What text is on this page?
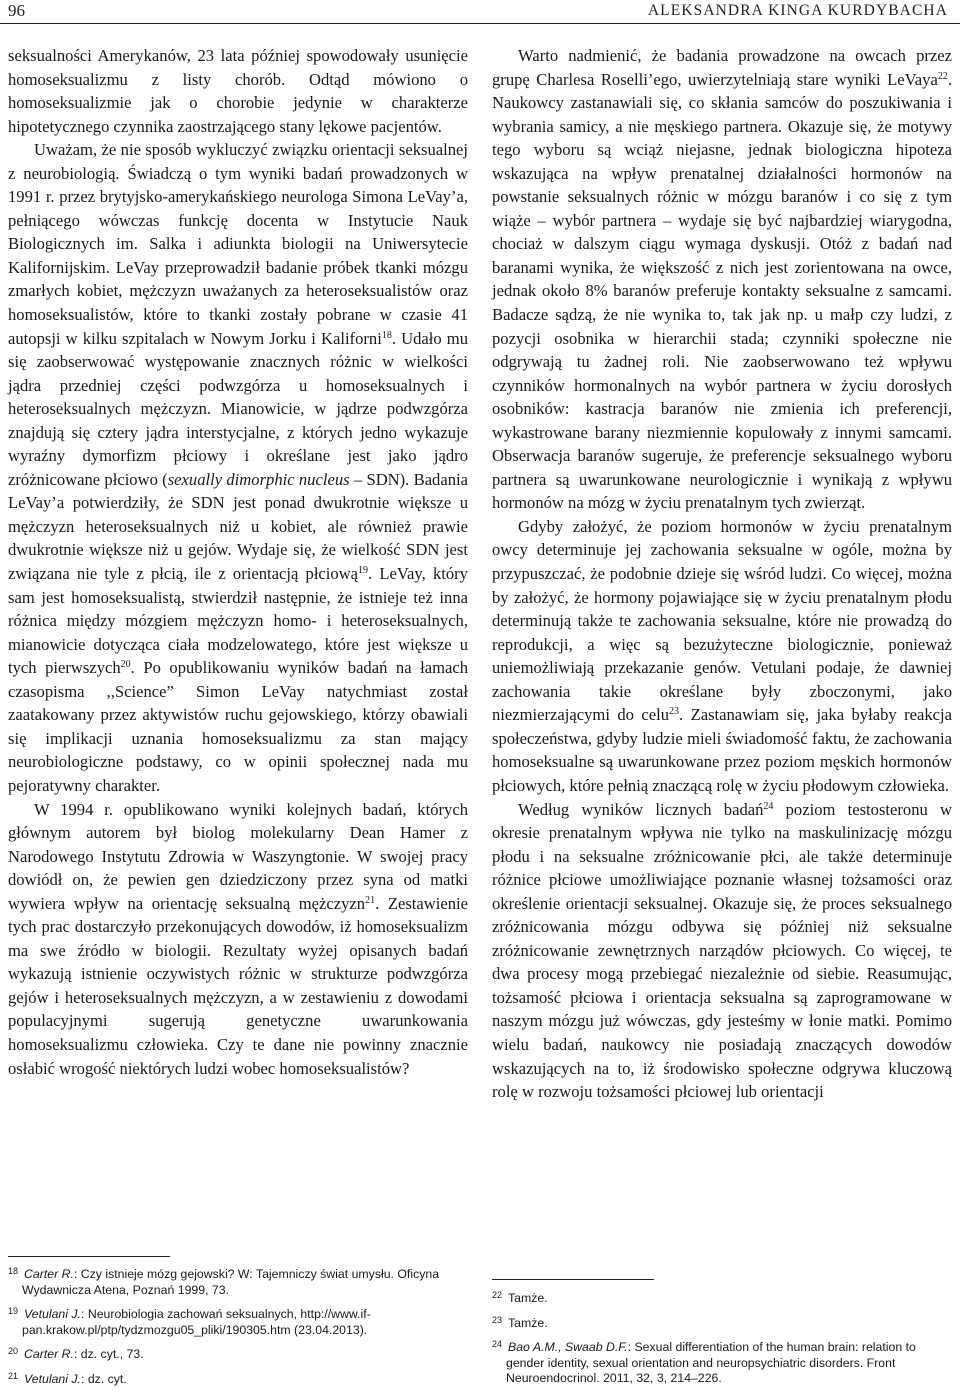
96	ALEKSANDRA KINGA KURDYBACHA

seksualności Amerykanów, 23 lata później spowodowały usunięcie homoseksualizmu z listy chorób. Odtąd mówiono o homoseksualizmie jak o chorobie jedynie w charakterze hipotetycznego czynnika zaostrzającego stany lękowe pacjentów.

Uważam, że nie sposób wykluczyć związku orientacji seksualnej z neurobiologią. Świadczą o tym wyniki badań prowadzonych w 1991 r. przez brytyjsko-amerykańskiego neurologa Simona LeVay’a, pełniącego wówczas funkcję docenta w Instytucie Nauk Biologicznych im. Salka i adiunkta biologii na Uniwersytecie Kalifornijskim. LeVay przeprowadził badanie próbek tkanki mózgu zmarłych kobiet, mężczyzn uważanych za heteroseksualistów oraz homoseksualistów, które to tkanki zostały pobrane w czasie 41 autopsji w kilku szpitalach w Nowym Jorku i Kaliforni$^{18}$. Udało mu się zaobserwować występowanie znacznych różnic w wielkości jądra przedniej części podwzgórza u homoseksualnych i heteroseksualnych mężczyzn. Mianowicie, w jądrze podwzgórza znajdują się cztery jądra interstycjalne, z których jedno wykazuje wyraźny dymorfizm płciowy i określane jest jako jądro zróżnicowane płciowo (sexually dimorphic nucleus – SDN). Badania LeVay’a potwierdziły, że SDN jest ponad dwukrotnie większe u mężczyzn heteroseksualnych niż u kobiet, ale również prawie dwukrotnie większe niż u gejów. Wydaje się, że wielkość SDN jest związana nie tyle z płcią, ile z orientacją płciową$^{19}$. LeVay, który sam jest homoseksualistą, stwierdził następnie, że istnieje też inna różnica między mózgiem mężczyzn homo- i heteroseksualnych, mianowicie dotycząca ciała modzelowatego, które jest większe u tych pierwszych$^{20}$. Po opublikowaniu wyników badań na łamach czasopisma ,,Science” Simon LeVay natychmiast został zaatakowany przez aktywistów ruchu gejowskiego, którzy obawiali się implikacji uznania homoseksualizmu za stan mający neurobiologiczne podstawy, co w opinii społecznej nada mu pejoratywny charakter.

W 1994 r. opublikowano wyniki kolejnych badań, których głównym autorem był biolog molekularny Dean Hamer z Narodowego Instytutu Zdrowia w Waszyngtonie. W swojej pracy dowiódł on, że pewien gen dziedziczony przez syna od matki wywiera wpływ na orientację seksualną mężczyzn$^{21}$. Zestawienie tych prac dostarczyło przekonujących dowodów, iż homoseksualizm ma swe źródło w biologii. Rezultaty wyżej opisanych badań wykazują istnienie oczywistych różnic w strukturze podwzgórza gejów i heteroseksualnych mężczyzn, a w zestawieniu z dowodami populacyjnymi sugerują genetyczne uwarunkowania homoseksualizmu człowieka. Czy te dane nie powinny znacznie osłabić wrogość niektórych ludzi wobec homoseksualistów?

Warto nadmienić, że badania prowadzone na owcach przez grupę Charlesa Roselli’ego, uwierzytelniają stare wyniki LeVaya$^{22}$. Naukowcy zastanawiali się, co skłania samców do poszukiwania i wybrania samicy, a nie męskiego partnera. Okazuje się, że motywy tego wyboru są wciąż niejasne, jednak biologiczna hipoteza wskazująca na wpływ prenatalnej działalności hormonów na powstanie seksualnych różnic w mózgu baranów i co się z tym wiąże – wybór partnera – wydaje się być najbardziej wiarygodna, chociaż w dalszym ciągu wymaga dyskusji. Otóż z badań nad baranami wynika, że większość z nich jest zorientowana na owce, jednak około 8% baranów preferuje kontakty seksualne z samcami. Badacze sądzą, że nie wynika to, tak jak np. u małp czy ludzi, z pozycji osobnika w hierarchii stada; czynniki społeczne nie odgrywają tu żadnej roli. Nie zaobserwowano też wpływu czynników hormonalnych na wybór partnera w życiu dorosłych osobników: kastracja baranów nie zmienia ich preferencji, wykastrowane barany niezmiennie kopulowały z innymi samcami. Obserwacja baranów sugeruje, że preferencje seksualnego wyboru partnera są uwarunkowane neurologicznie i wynikają z wpływu hormonów na mózg w życiu prenatalnym tych zwierząt.

Gdyby założyć, że poziom hormonów w życiu prenatalnym owcy determinuje jej zachowania seksualne w ogóle, można by przypuszczać, że podobnie dzieje się wśród ludzi. Co więcej, można by założyć, że hormony pojawiające się w życiu prenatalnym płodu determinują także te zachowania seksualne, które nie prowadzą do reprodukcji, a więc są bezużyteczne biologicznie, ponieważ uniemożliwiają przekazanie genów. Vetulani podaje, że dawniej zachowania takie określane były zboczonymi, jako niezmierzającymi do celu$^{23}$. Zastanawiam się, jaka byłaby reakcja społeczeństwa, gdyby ludzie mieli świadomość faktu, że zachowania homoseksualne są uwarunkowane przez poziom męskich hormonów płciowych, które pełnią znaczącą rolę w życiu płodowym człowieka.

Według wyników licznych badań$^{24}$ poziom testosteronu w okresie prenatalnym wpływa nie tylko na maskulinizację mózgu płodu i na seksualne zróżnicowanie płci, ale także determinuje różnice płciowe umożliwiające poznanie własnej tożsamości oraz określenie orientacji seksualnej. Okazuje się, że proces seksualnego zróżnicowania mózgu odbywa się później niż seksualne zróżnicowanie zewnętrznych narządów płciowych. Co więcej, te dwa procesy mogą przebiegać niezależnie od siebie. Reasumując, tożsamość płciowa i orientacja seksualna są zaprogramowane w naszym mózgu już wówczas, gdy jesteśmy w łonie matki. Pomimo wielu badań, naukowcy nie posiadają znaczących dowodów wskazujących na to, iż środowisko społeczne odgrywa kluczową rolę w rozwoju tożsamości płciowej lub orientacji

$^{18}$ Carter R.: Czy istnieje mózg gejowski? W: Tajemniczy świat umysłu. Oficyna Wydawnicza Atena, Poznań 1999, 73.

$^{19}$ Vetulani J.: Neurobiologia zachowań seksualnych, http://www.if-pan.krakow.pl/ptp/tydzmozgu05_pliki/190305.htm (23.04.2013).

$^{20}$ Carter R.: dz. cyt., 73.

$^{21}$ Vetulani J.: dz. cyt.

$^{22}$ Tamże.

$^{23}$ Tamże.

$^{24}$ Bao A.M., Swaab D.F.: Sexual differentiation of the human brain: relation to gender identity, sexual orientation and neuropsychiatric disorders. Front Neuroendocrinol. 2011, 32, 3, 214–226.
